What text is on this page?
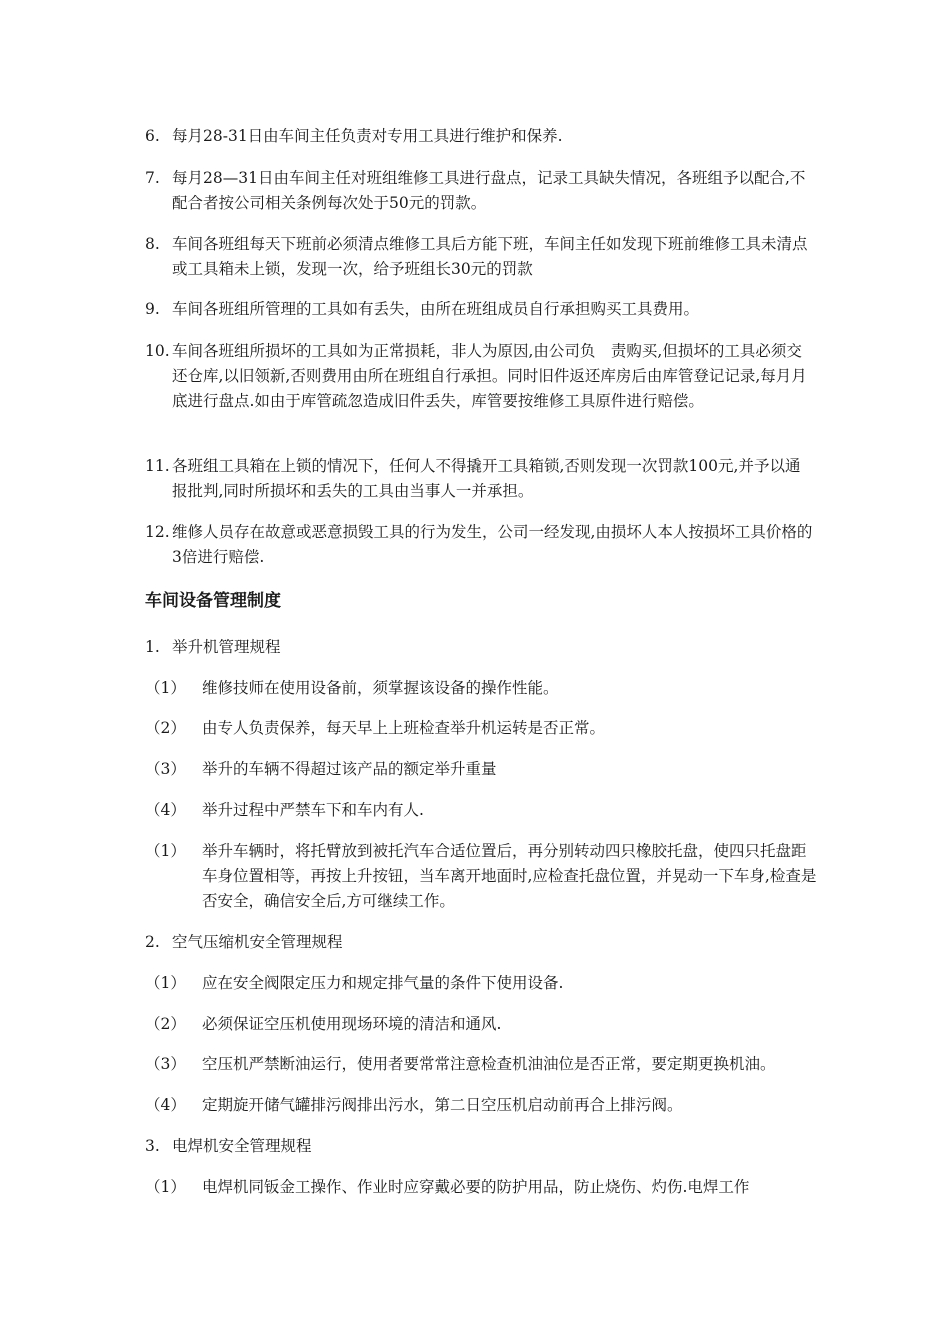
6. 每月28-31日由车间主任负责对专用工具进行维护和保养.
7. 每月28—31日由车间主任对班组维修工具进行盘点，记录工具缺失情况，各班组予以配合,不配合者按公司相关条例每次处于50元的罚款。
8. 车间各班组每天下班前必须清点维修工具后方能下班，车间主任如发现下班前维修工具未清点或工具箱未上锁，发现一次，给予班组长30元的罚款
9. 车间各班组所管理的工具如有丢失，由所在班组成员自行承担购买工具费用。
10. 车间各班组所损坏的工具如为正常损耗，非人为原因,由公司负　责购买,但损坏的工具必须交还仓库,以旧领新,否则费用由所在班组自行承担。同时旧件返还库房后由库管登记记录,每月月底进行盘点.如由于库管疏忽造成旧件丢失，库管要按维修工具原件进行赔偿。
11. 各班组工具箱在上锁的情况下，任何人不得撬开工具箱锁,否则发现一次罚款100元,并予以通报批判,同时所损坏和丢失的工具由当事人一并承担。
12. 维修人员存在故意或恶意损毁工具的行为发生，公司一经发现,由损坏人本人按损坏工具价格的3倍进行赔偿.
车间设备管理制度
1. 举升机管理规程
（1）	维修技师在使用设备前，须掌握该设备的操作性能。
（2）	由专人负责保养，每天早上上班检查举升机运转是否正常。
（3）	举升的车辆不得超过该产品的额定举升重量
（4）	举升过程中严禁车下和车内有人.
（1）	举升车辆时，将托臂放到被托汽车合适位置后，再分别转动四只橡胶托盘，使四只托盘距车身位置相等，再按上升按钮，当车离开地面时,应检查托盘位置，并晃动一下车身,检查是否安全，确信安全后,方可继续工作。
2. 空气压缩机安全管理规程
（1）	应在安全阀限定压力和规定排气量的条件下使用设备.
（2）	必须保证空压机使用现场环境的清洁和通风.
（3）	空压机严禁断油运行，使用者要常常注意检查机油油位是否正常，要定期更换机油。
（4）	定期旋开储气罐排污阀排出污水，第二日空压机启动前再合上排污阀。
3. 电焊机安全管理规程
（1）	电焊机同钣金工操作、作业时应穿戴必要的防护用品，防止烧伤、灼伤.电焊工作
